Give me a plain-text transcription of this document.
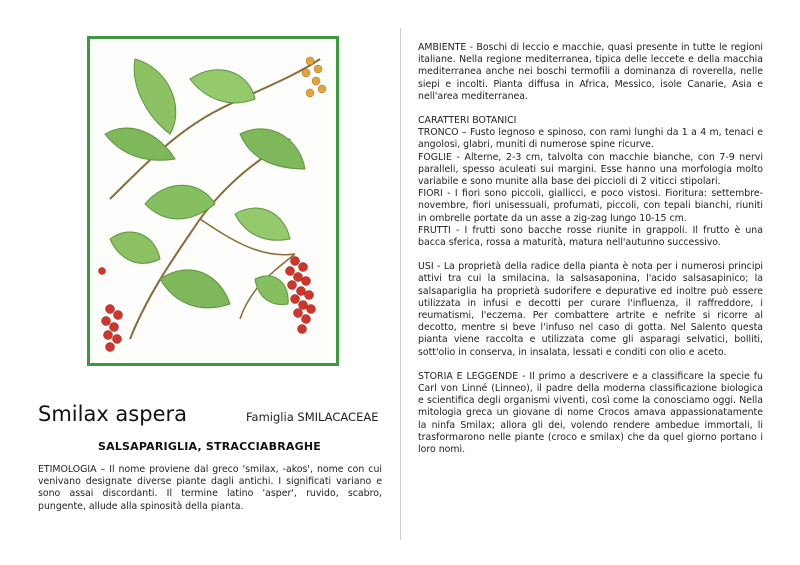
Smilax aspera	Famiglia SMILACACEAE
SALSAPARIGLIA, STRACCIABRAGHE
ETIMOLOGIA – Il nome proviene dal greco 'smilax, -akos', nome con cui venivano designate diverse piante dagli antichi. I significati variano e sono assai discordanti. Il termine latino 'asper', ruvido, scabro, pungente, allude alla spinosità della pianta.

AMBIENTE - Boschi di leccio e macchie, quasi presente in tutte le regioni italiane. Nella regione mediterranea, tipica delle leccete e della macchia mediterranea anche nei boschi termofili a dominanza di roverella, nelle siepi e incolti. Pianta diffusa in Africa, Messico, isole Canarie, Asia e nell'area mediterranea.

CARATTERI BOTANICI

TRONCO – Fusto legnoso e spinoso, con rami lunghi da 1 a 4 m, tenaci e angolosi, glabri, muniti di numerose spine ricurve.

FOGLIE - Alterne, 2-3 cm, talvolta con macchie bianche, con 7-9 nervi paralleli, spesso aculeati sui margini. Esse hanno una morfologia molto variabile e sono munite alla base dei piccioli di 2 viticci stipolari.

FIORI - I fiori sono piccoli, giallicci, e poco vistosi. Fioritura: settembre-novembre, fiori unisessuali, profumati, piccoli, con tepali bianchi, riuniti in ombrelle portate da un asse a zig-zag lungo 10-15 cm.

FRUTTI - I frutti sono bacche rosse riunite in grappoli. Il frutto è una bacca sferica, rossa a maturità, matura nell'autunno successivo.

USI - La proprietà della radice della pianta è nota per i numerosi principi attivi tra cui la smilacina, la salsasaponina, l'acido salsasapinico; la salsapariglia ha proprietà sudorifere e depurative ed inoltre può essere utilizzata in infusi e decotti per curare l'influenza, il raffreddore, i reumatismi, l'eczema. Per combattere artrite e nefrite si ricorre al decotto, mentre si beve l'infuso nel caso di gotta. Nel Salento questa pianta viene raccolta e utilizzata come gli asparagi selvatici, bolliti, sott'olio in conserva, in insalata, lessati e conditi con olio e aceto.

STORIA E LEGGENDE - Il primo a descrivere e a classificare la specie fu Carl von Linné (Linneo), il padre della moderna classificazione biologica e scientifica degli organismi viventi, così come la conosciamo oggi. Nella mitologia greca un giovane di nome Crocos amava appassionatamente la ninfa Smilax; allora gli dei, volendo rendere ambedue immortali, li trasformarono nelle piante (croco e smilax) che da quel giorno portano i loro nomi.
